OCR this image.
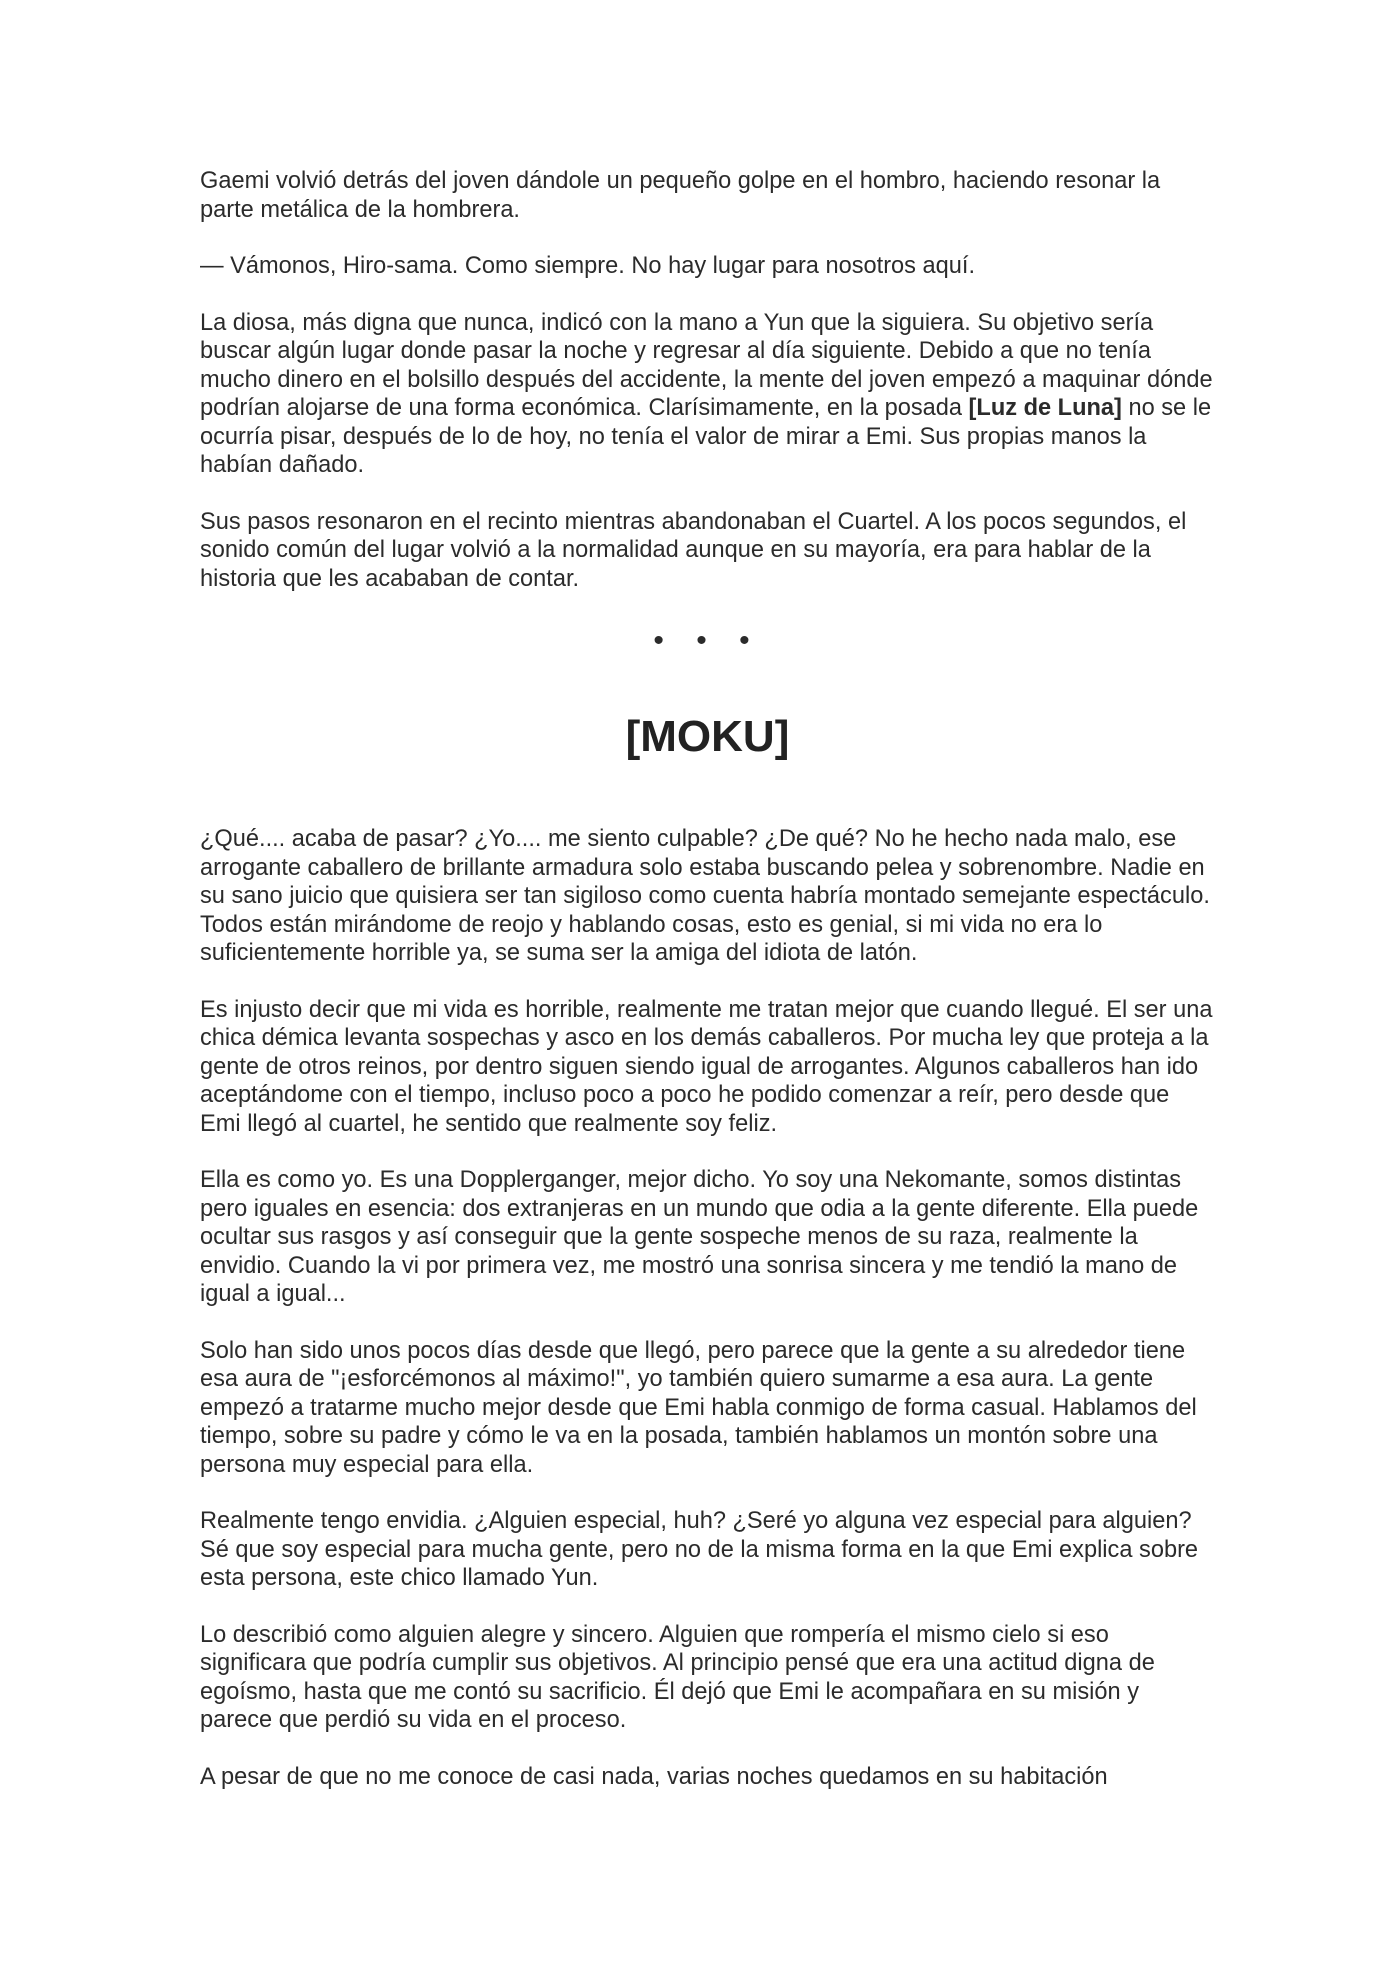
Gaemi volvió detrás del joven dándole un pequeño golpe en el hombro, haciendo resonar la parte metálica de la hombrera.

— Vámonos, Hiro-sama. Como siempre. No hay lugar para nosotros aquí.

La diosa, más digna que nunca, indicó con la mano a Yun que la siguiera. Su objetivo sería buscar algún lugar donde pasar la noche y regresar al día siguiente. Debido a que no tenía mucho dinero en el bolsillo después del accidente, la mente del joven empezó a maquinar dónde podrían alojarse de una forma económica. Clarísimamente, en la posada [Luz de Luna] no se le ocurría pisar, después de lo de hoy, no tenía el valor de mirar a Emi. Sus propias manos la habían dañado.

Sus pasos resonaron en el recinto mientras abandonaban el Cuartel. A los pocos segundos, el sonido común del lugar volvió a la normalidad aunque en su mayoría, era para hablar de la historia que les acababan de contar.

• • •
[MOKU]

¿Qué.... acaba de pasar? ¿Yo.... me siento culpable? ¿De qué? No he hecho nada malo, ese arrogante caballero de brillante armadura solo estaba buscando pelea y sobrenombre. Nadie en su sano juicio que quisiera ser tan sigiloso como cuenta habría montado semejante espectáculo. Todos están mirándome de reojo y hablando cosas, esto es genial, si mi vida no era lo suficientemente horrible ya, se suma ser la amiga del idiota de latón.

Es injusto decir que mi vida es horrible, realmente me tratan mejor que cuando llegué. El ser una chica démica levanta sospechas y asco en los demás caballeros. Por mucha ley que proteja a la gente de otros reinos, por dentro siguen siendo igual de arrogantes. Algunos caballeros han ido aceptándome con el tiempo, incluso poco a poco he podido comenzar a reír, pero desde que Emi llegó al cuartel, he sentido que realmente soy feliz.

Ella es como yo. Es una Dopplerganger, mejor dicho. Yo soy una Nekomante, somos distintas pero iguales en esencia: dos extranjeras en un mundo que odia a la gente diferente. Ella puede ocultar sus rasgos y así conseguir que la gente sospeche menos de su raza, realmente la envidio. Cuando la vi por primera vez, me mostró una sonrisa sincera y me tendió la mano de igual a igual...

Solo han sido unos pocos días desde que llegó, pero parece que la gente a su alrededor tiene esa aura de "¡esforcémonos al máximo!", yo también quiero sumarme a esa aura. La gente empezó a tratarme mucho mejor desde que Emi habla conmigo de forma casual. Hablamos del tiempo, sobre su padre y cómo le va en la posada, también hablamos un montón sobre una persona muy especial para ella.

Realmente tengo envidia. ¿Alguien especial, huh? ¿Seré yo alguna vez especial para alguien? Sé que soy especial para mucha gente, pero no de la misma forma en la que Emi explica sobre esta persona, este chico llamado Yun.

Lo describió como alguien alegre y sincero. Alguien que rompería el mismo cielo si eso significara que podría cumplir sus objetivos. Al principio pensé que era una actitud digna de egoísmo, hasta que me contó su sacrificio. Él dejó que Emi le acompañara en su misión y parece que perdió su vida en el proceso.

A pesar de que no me conoce de casi nada, varias noches quedamos en su habitación
